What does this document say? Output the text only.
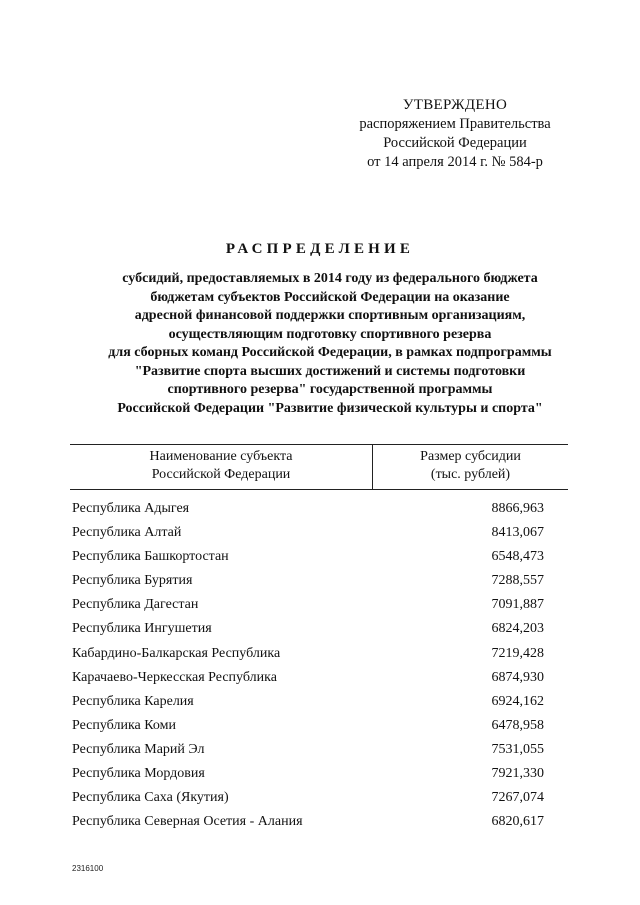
УТВЕРЖДЕНО
распоряжением Правительства
Российской Федерации
от 14 апреля 2014 г. № 584-р
РАСПРЕДЕЛЕНИЕ
субсидий, предоставляемых в 2014 году из федерального бюджета
бюджетам субъектов Российской Федерации на оказание
адресной финансовой поддержки спортивным организациям,
осуществляющим подготовку спортивного резерва
для сборных команд Российской Федерации, в рамках подпрограммы
"Развитие спорта высших достижений и системы подготовки
спортивного резерва" государственной программы
Российской Федерации "Развитие физической культуры и спорта"
Наименование субъекта
Российской Федерации
Размер субсидии
(тыс. рублей)
Республика Адыгея	8866,963
Республика Алтай	8413,067
Республика Башкортостан	6548,473
Республика Бурятия	7288,557
Республика Дагестан	7091,887
Республика Ингушетия	6824,203
Кабардино-Балкарская Республика	7219,428
Карачаево-Черкесская Республика	6874,930
Республика Карелия	6924,162
Республика Коми	6478,958
Республика Марий Эл	7531,055
Республика Мордовия	7921,330
Республика Саха (Якутия)	7267,074
Республика Северная Осетия - Алания	6820,617
2316100
